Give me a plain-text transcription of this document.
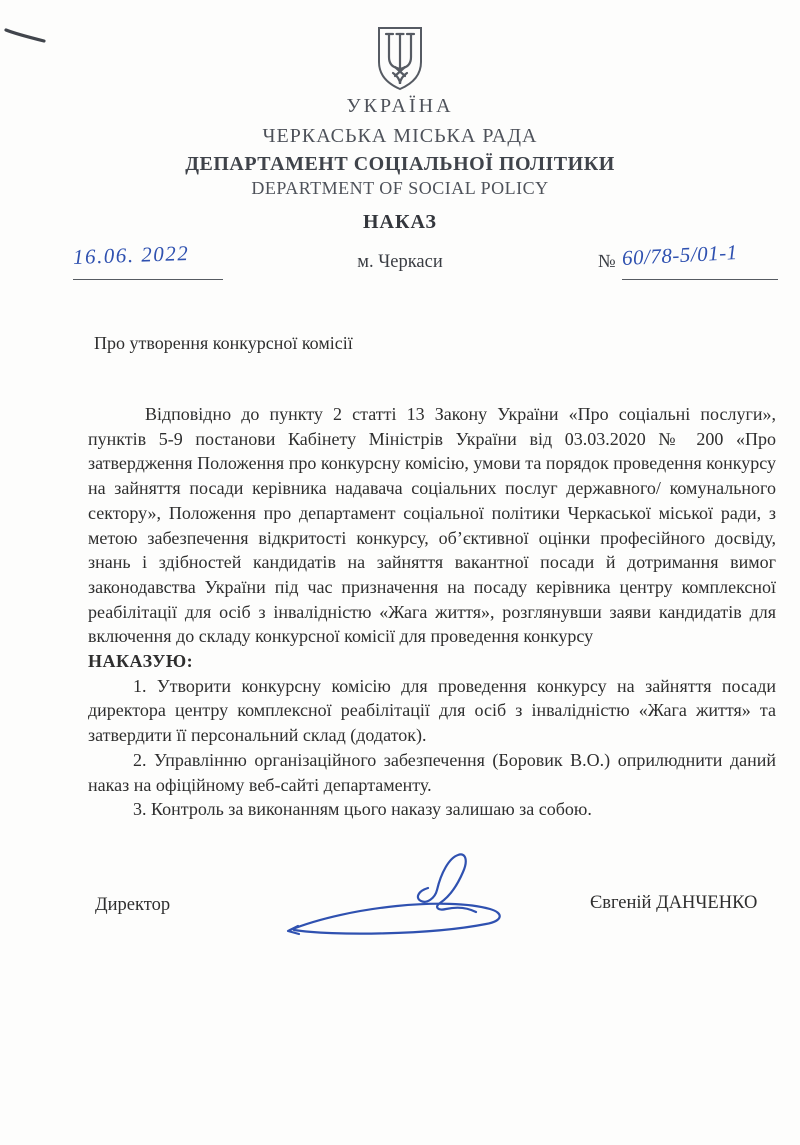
УКРАЇНА
ЧЕРКАСЬКА МІСЬКА РАДА
ДЕПАРТАМЕНТ СОЦІАЛЬНОЇ ПОЛІТИКИ
DEPARTMENT OF SOCIAL POLICY
НАКАЗ
16.06. 2022	м. Черкаси	№ 60/78-5/01-1
Про утворення конкурсної комісії

Відповідно до пункту 2 статті 13 Закону України «Про соціальні послуги», пунктів 5-9 постанови Кабінету Міністрів України від 03.03.2020 № 200 «Про затвердження Положення про конкурсну комісію, умови та порядок проведення конкурсу на зайняття посади керівника надавача соціальних послуг державного/ комунального сектору», Положення про департамент соціальної політики Черкаської міської ради, з метою забезпечення відкритості конкурсу, об’єктивної оцінки професійного досвіду, знань і здібностей кандидатів на зайняття вакантної посади й дотримання вимог законодавства України під час призначення на посаду керівника центру комплексної реабілітації для осіб з інвалідністю «Жага життя», розглянувши заяви кандидатів для включення до складу конкурсної комісії для проведення конкурсу

НАКАЗУЮ:

1. Утворити конкурсну комісію для проведення конкурсу на зайняття посади директора центру комплексної реабілітації для осіб з інвалідністю «Жага життя» та затвердити її персональний склад (додаток).

2. Управлінню організаційного забезпечення (Боровик В.О.) оприлюднити даний наказ на офіційному веб-сайті департаменту.

3. Контроль за виконанням цього наказу залишаю за собою.

Директор	Євгеній ДАНЧЕНКО
